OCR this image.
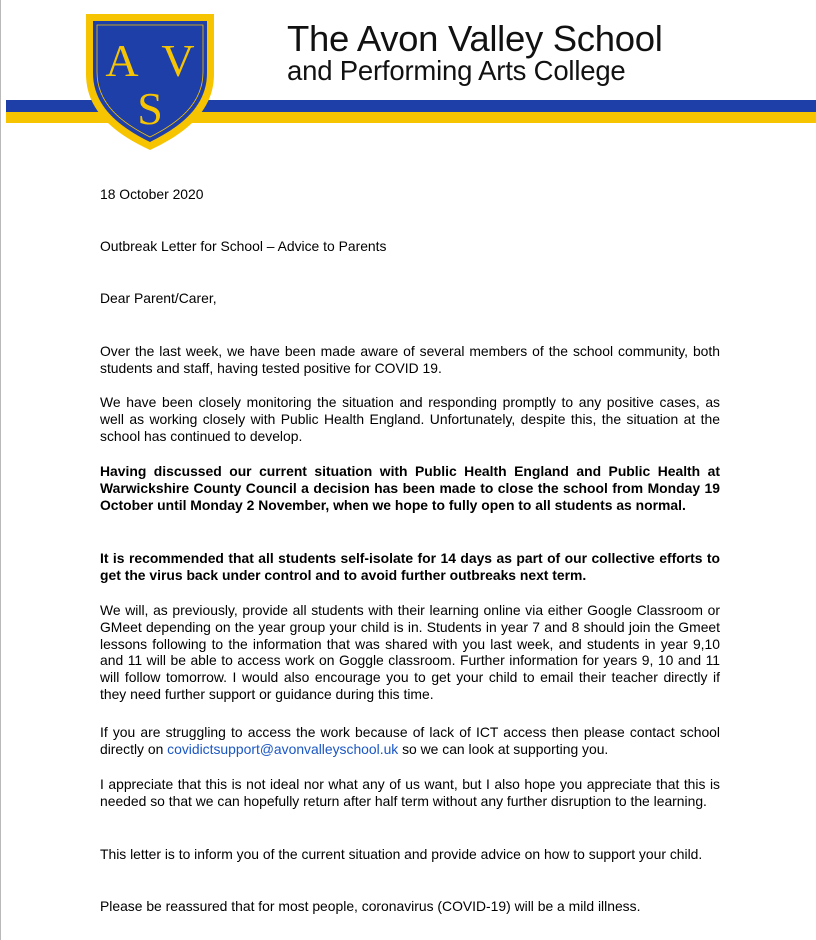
A V
S
The Avon Valley School
and Performing Arts College

18 October 2020

Outbreak Letter for School – Advice to Parents

Dear Parent/Carer,

Over the last week, we have been made aware of several members of the school community, both students and staff, having tested positive for COVID 19.

We have been closely monitoring the situation and responding promptly to any positive cases, as well as working closely with Public Health England. Unfortunately, despite this, the situation at the school has continued to develop.

Having discussed our current situation with Public Health England and Public Health at Warwickshire County Council a decision has been made to close the school from Monday 19 October until Monday 2 November, when we hope to fully open to all students as normal.

It is recommended that all students self-isolate for 14 days as part of our collective efforts to get the virus back under control and to avoid further outbreaks next term.

We will, as previously, provide all students with their learning online via either Google Classroom or GMeet depending on the year group your child is in. Students in year 7 and 8 should join the Gmeet lessons following to the information that was shared with you last week, and students in year 9,10 and 11 will be able to access work on Goggle classroom. Further information for years 9, 10 and 11 will follow tomorrow. I would also encourage you to get your child to email their teacher directly if they need further support or guidance during this time.

If you are struggling to access the work because of lack of ICT access then please contact school directly on covidictsupport@avonvalleyschool.uk so we can look at supporting you.

I appreciate that this is not ideal nor what any of us want, but I also hope you appreciate that this is needed so that we can hopefully return after half term without any further disruption to the learning.

This letter is to inform you of the current situation and provide advice on how to support your child.

Please be reassured that for most people, coronavirus (COVID-19) will be a mild illness.
